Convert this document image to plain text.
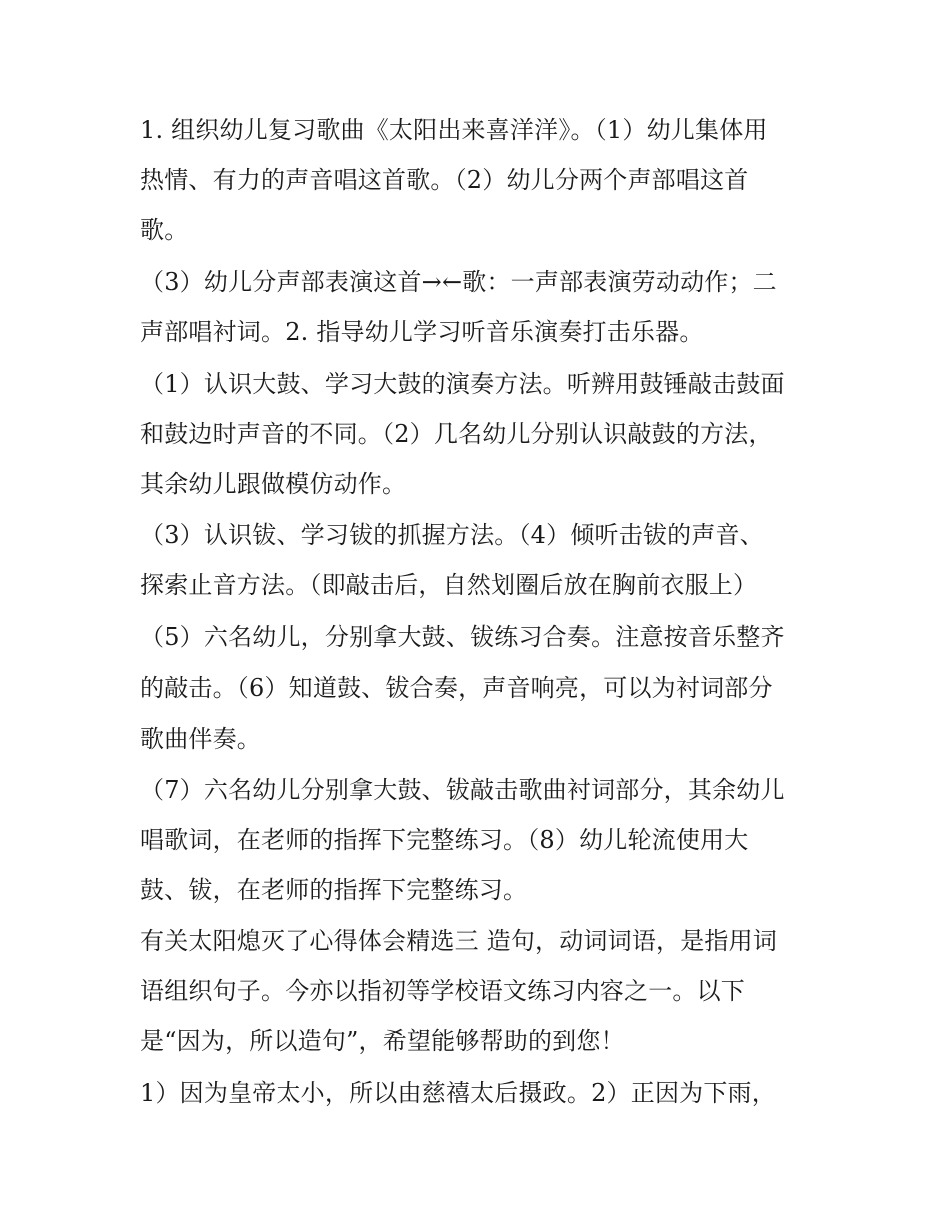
1. 组织幼儿复习歌曲《太阳出来喜洋洋》。（1）幼儿集体用

热情、有力的声音唱这首歌。（2）幼儿分两个声部唱这首

歌。

（3）幼儿分声部表演这首→←歌：一声部表演劳动动作；二

声部唱衬词。2. 指导幼儿学习听音乐演奏打击乐器。

（1）认识大鼓、学习大鼓的演奏方法。听辨用鼓锤敲击鼓面

和鼓边时声音的不同。（2）几名幼儿分别认识敲鼓的方法，

其余幼儿跟做模仿动作。

（3）认识钹、学习钹的抓握方法。（4）倾听击钹的声音、

探索止音方法。（即敲击后，自然划圈后放在胸前衣服上）

（5）六名幼儿，分别拿大鼓、钹练习合奏。注意按音乐整齐

的敲击。（6）知道鼓、钹合奏，声音响亮，可以为衬词部分

歌曲伴奏。

（7）六名幼儿分别拿大鼓、钹敲击歌曲衬词部分，其余幼儿

唱歌词，在老师的指挥下完整练习。（8）幼儿轮流使用大

鼓、钹，在老师的指挥下完整练习。

有关太阳熄灭了心得体会精选三 造句，动词词语，是指用词

语组织句子。今亦以指初等学校语文练习内容之一。以下

是“因为，所以造句”，希望能够帮助的到您！

1）因为皇帝太小，所以由慈禧太后摄政。2）正因为下雨，
